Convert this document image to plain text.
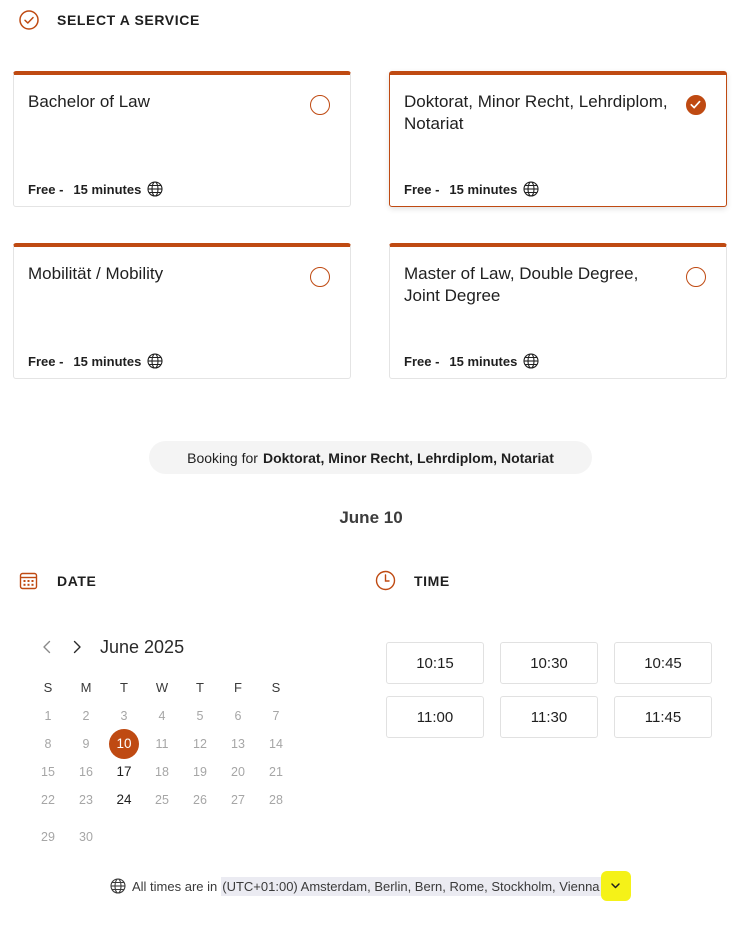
SELECT A SERVICE
Bachelor of Law
Free - 15 minutes
Doktorat, Minor Recht, Lehrdiplom, Notariat
Free - 15 minutes
Mobilität / Mobility
Free - 15 minutes
Master of Law, Double Degree, Joint Degree
Free - 15 minutes
Booking for Doktorat, Minor Recht, Lehrdiplom, Notariat
June 10
DATE	TIME
June 2025
S	M	T	W	T	F	S
1	2	3	4	5	6	7
8	9	10	11	12	13	14
15	16	17	18	19	20	21
22	23	24	25	26	27	28
29	30
10:15	10:30	10:45
11:00	11:30	11:45
All times are in (UTC+01:00) Amsterdam, Berlin, Bern, Rome, Stockholm, Vienna
